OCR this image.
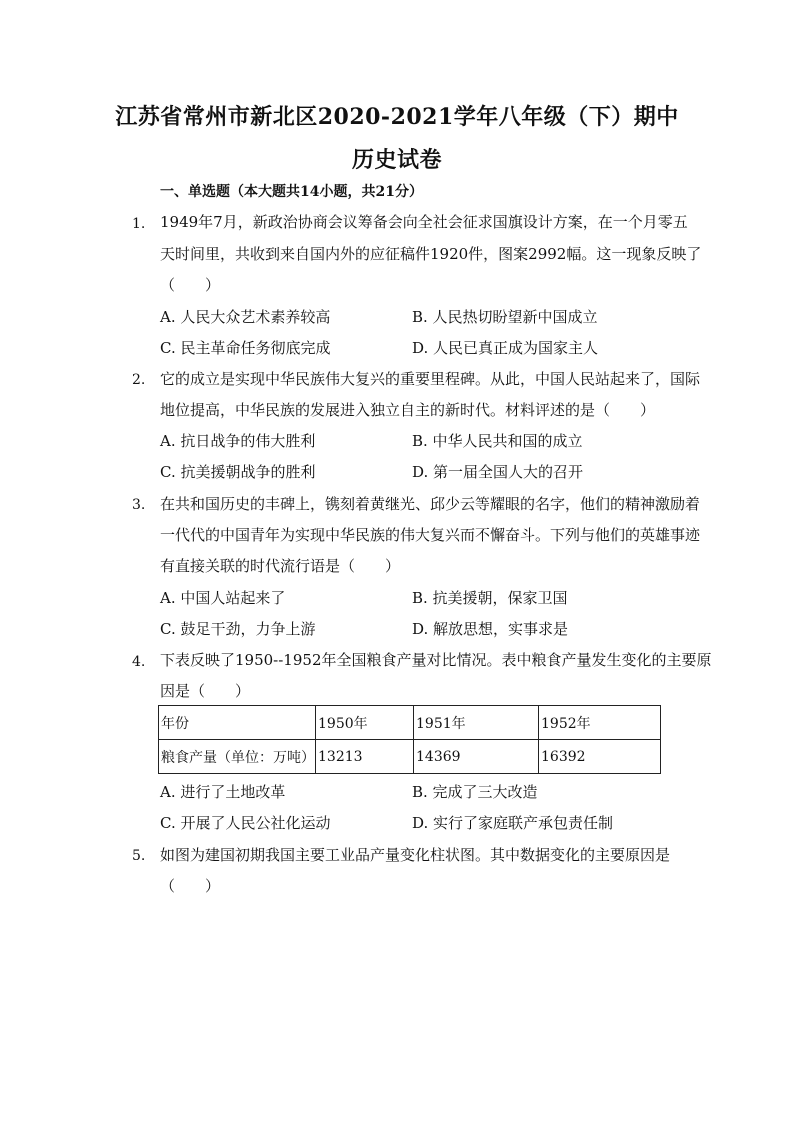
江苏省常州市新北区2020-2021学年八年级（下）期中
历史试卷
一、单选题（本大题共14小题，共21分）
1. 1949年7月，新政治协商会议筹备会向全社会征求国旗设计方案，在一个月零五
天时间里，共收到来自国内外的应征稿件1920件，图案2992幅。这一现象反映了
（　　）
A. 人民大众艺术素养较高	B. 人民热切盼望新中国成立
C. 民主革命任务彻底完成	D. 人民已真正成为国家主人
2. 它的成立是实现中华民族伟大复兴的重要里程碑。从此，中国人民站起来了，国际
地位提高，中华民族的发展进入独立自主的新时代。材料评述的是（　　）
A. 抗日战争的伟大胜利	B. 中华人民共和国的成立
C. 抗美援朝战争的胜利	D. 第一届全国人大的召开
3. 在共和国历史的丰碑上，镌刻着黄继光、邱少云等耀眼的名字，他们的精神激励着
一代代的中国青年为实现中华民族的伟大复兴而不懈奋斗。下列与他们的英雄事迹
有直接关联的时代流行语是（　　）
A. 中国人站起来了	B. 抗美援朝，保家卫国
C. 鼓足干劲，力争上游	D. 解放思想，实事求是
4. 下表反映了1950--1952年全国粮食产量对比情况。表中粮食产量发生变化的主要原
因是（　　）
年份	1950年	1951年	1952年
粮食产量（单位：万吨）	13213	14369	16392
A. 进行了土地改革	B. 完成了三大改造
C. 开展了人民公社化运动	D. 实行了家庭联产承包责任制
5. 如图为建国初期我国主要工业品产量变化柱状图。其中数据变化的主要原因是
（　　）
